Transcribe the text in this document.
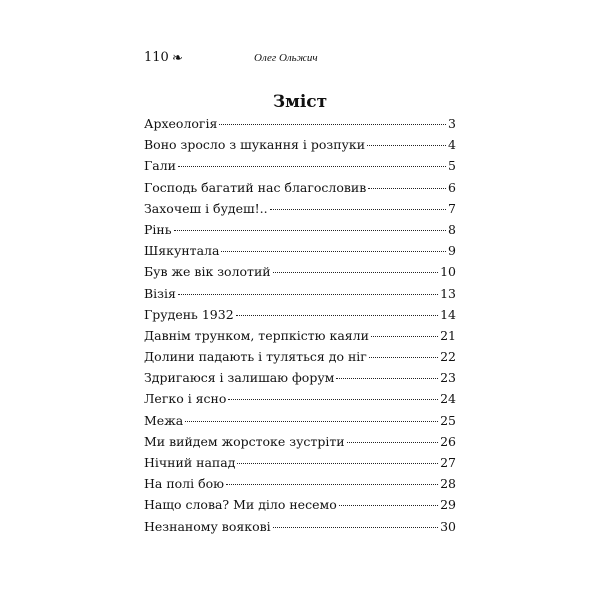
110 ❧	Олег Ольжич
Зміст
Археологія	3
Воно зросло з шукання і розпуки	4
Гали	5
Господь багатий нас благословив	6
Захочеш і будеш!..	7
Рінь	8
Шякунтала	9
Був же вік золотий	10
Візія	13
Грудень 1932	14
Давнім трунком, терпкістю каяли	21
Долини падають і туляться до ніг	22
Здригаюся і залишаю форум	23
Легко і ясно	24
Межа	25
Ми вийдем жорстоке зустріти	26
Нічний напад	27
На полі бою	28
Нащо слова? Ми діло несемо	29
Незнаному воякові	30
